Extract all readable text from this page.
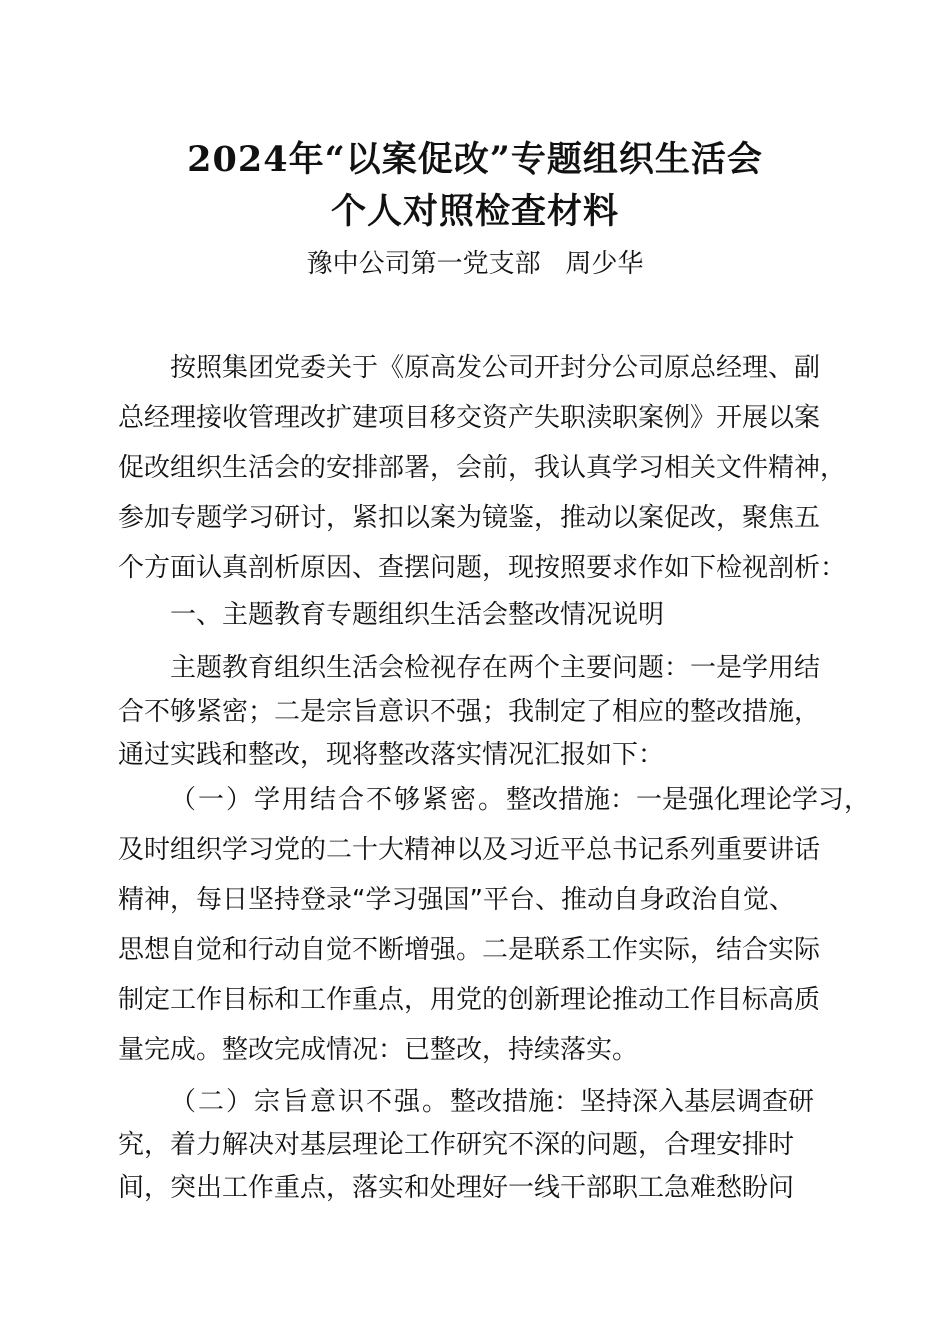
2024年“以案促改”专题组织生活会
个人对照检查材料
豫中公司第一党支部   周少华
按照集团党委关于《原高发公司开封分公司原总经理、副
总经理接收管理改扩建项目移交资产失职渎职案例》开展以案
促改组织生活会的安排部署，会前，我认真学习相关文件精神，
参加专题学习研讨，紧扣以案为镜鉴，推动以案促改，聚焦五
个方面认真剖析原因、查摆问题，现按照要求作如下检视剖析：
一、主题教育专题组织生活会整改情况说明
主题教育组织生活会检视存在两个主要问题：一是学用结
合不够紧密；二是宗旨意识不强；我制定了相应的整改措施，
通过实践和整改，现将整改落实情况汇报如下：
（一）学用结合不够紧密。整改措施：一是强化理论学习，
及时组织学习党的二十大精神以及习近平总书记系列重要讲话
精神，每日坚持登录“学习强国”平台、推动自身政治自觉、
思想自觉和行动自觉不断增强。二是联系工作实际，结合实际
制定工作目标和工作重点，用党的创新理论推动工作目标高质
量完成。整改完成情况：已整改，持续落实。
（二）宗旨意识不强。整改措施：坚持深入基层调查研
究，着力解决对基层理论工作研究不深的问题，合理安排时
间，突出工作重点，落实和处理好一线干部职工急难愁盼问
